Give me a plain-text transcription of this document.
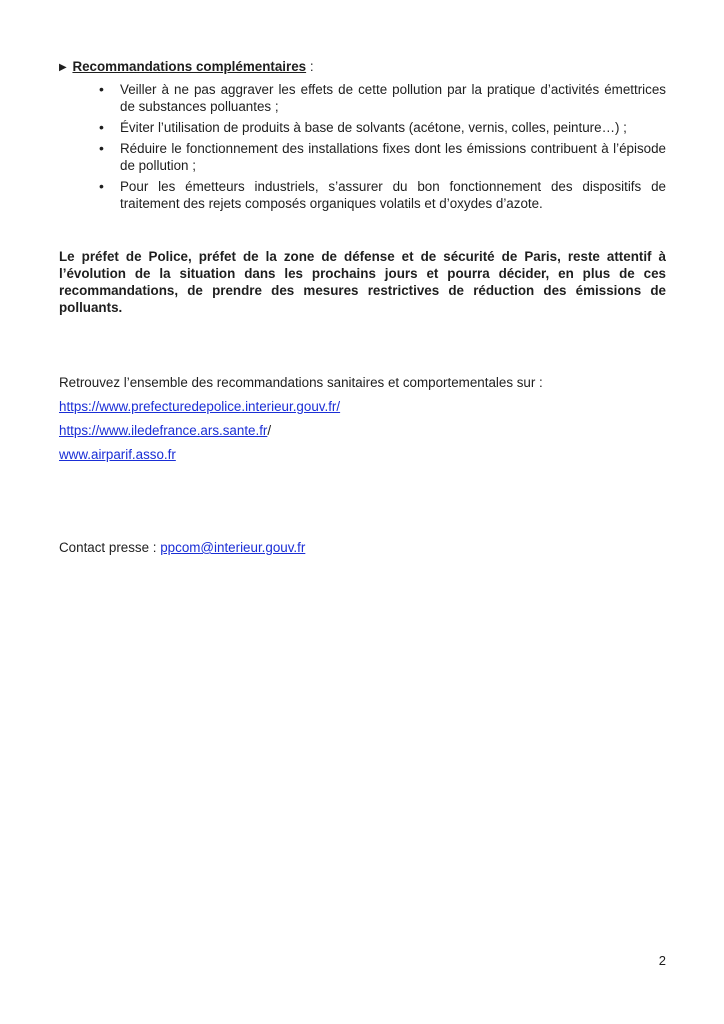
▶ Recommandations complémentaires :

• Veiller à ne pas aggraver les effets de cette pollution par la pratique d’activités émettrices de substances polluantes ;
• Éviter l’utilisation de produits à base de solvants (acétone, vernis, colles, peinture…) ;
• Réduire le fonctionnement des installations fixes dont les émissions contribuent à l’épisode de pollution ;
• Pour les émetteurs industriels, s’assurer du bon fonctionnement des dispositifs de traitement des rejets composés organiques volatils et d’oxydes d’azote.

Le préfet de Police, préfet de la zone de défense et de sécurité de Paris, reste attentif à l’évolution de la situation dans les prochains jours et pourra décider, en plus de ces recommandations, de prendre des mesures restrictives de réduction des émissions de polluants.

Retrouvez l’ensemble des recommandations sanitaires et comportementales sur :

https://www.prefecturedepolice.interieur.gouv.fr/

https://www.iledefrance.ars.sante.fr/

www.airparif.asso.fr

Contact presse : ppcom@interieur.gouv.fr

2
